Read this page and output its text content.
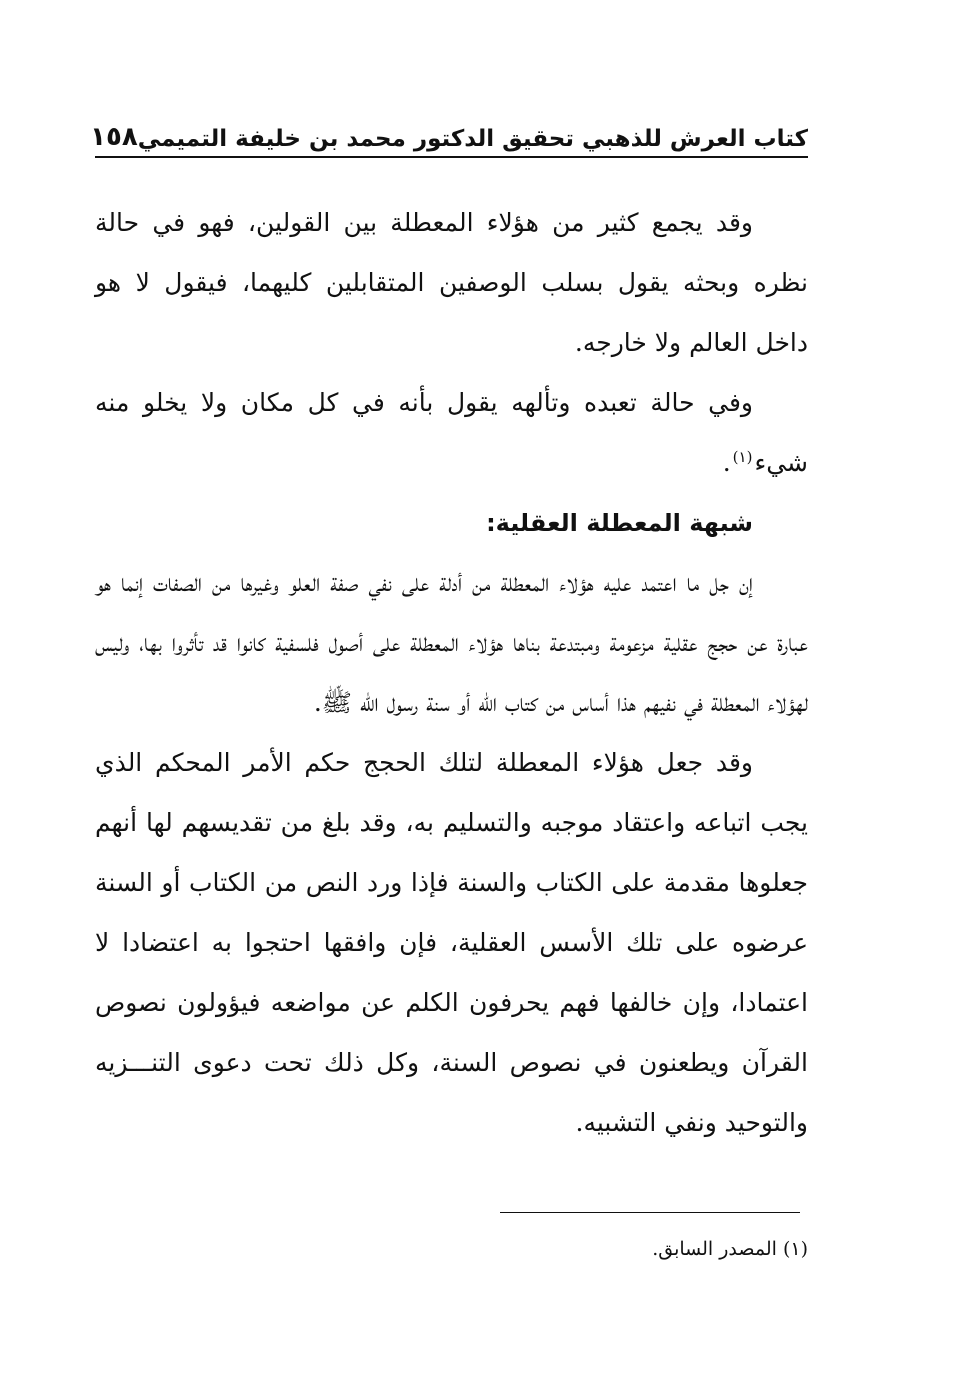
كتاب العرش للذهبي تحقيق الدكتور محمد بن خليفة التميمي
١٥٨

وقد يجمع كثير من هؤلاء المعطلة بين القولين، فهو في حالة نظره وبحثه يقول بسلب الوصفين المتقابلين كليهما، فيقول لا هو داخل العالم ولا خارجه.

وفي حالة تعبده وتألهه يقول بأنه في كل مكان ولا يخلو منه شيء$^{(١)}$.

شبهة المعطلة العقلية:

إن جل ما اعتمد عليه هؤلاء المعطلة من أدلة على نفي صفة العلو وغيرها من الصفات إنما هو عبارة عن حجج عقلية مزعومة ومبتدعة بناها هؤلاء المعطلة على أصول فلسفية كانوا قد تأثروا بها، وليس لهؤلاء المعطلة في نفيهم هذا أساس من كتاب الله أو سنة رسول الله ﷺ.

وقد جعل هؤلاء المعطلة لتلك الحجج حكم الأمر المحكم الذي يجب اتباعه واعتقاد موجبه والتسليم به، وقد بلغ من تقديسهم لها أنهم جعلوها مقدمة على الكتاب والسنة فإذا ورد النص من الكتاب أو السنة عرضوه على تلك الأسس العقلية، فإن وافقها احتجوا به اعتضادا لا اعتمادا، وإن خالفها فهم يحرفون الكلم عن مواضعه فيؤولون نصوص القرآن ويطعنون في نصوص السنة، وكل ذلك تحت دعوى التنـــزيه والتوحيد ونفي التشبيه.

(١) المصدر السابق.
